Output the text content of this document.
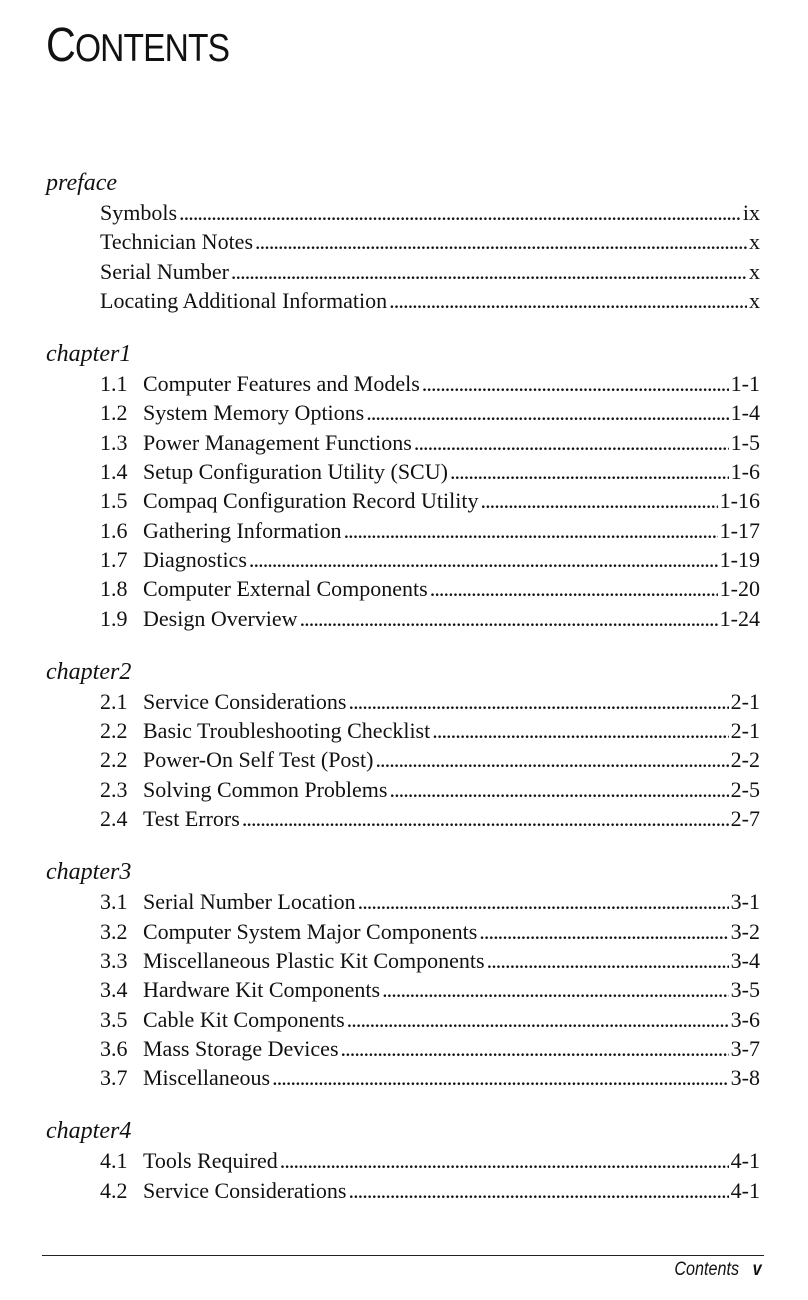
CONTENTS
preface
Symbols . . .	ix
Technician Notes . . .	x
Serial Number . . .	x
Locating Additional Information . . .	x
chapter1
1.1 Computer Features and Models . . .	1-1
1.2 System Memory Options . . .	1-4
1.3 Power Management Functions . . .	1-5
1.4 Setup Configuration Utility (SCU) . . .	1-6
1.5 Compaq Configuration Record Utility . . .	1-16
1.6 Gathering Information . . .	1-17
1.7 Diagnostics . . .	1-19
1.8 Computer External Components . . .	1-20
1.9 Design Overview . . .	1-24
chapter2
2.1 Service Considerations . . .	2-1
2.2 Basic Troubleshooting Checklist . . .	2-1
2.2 Power-On Self Test (Post) . . .	2-2
2.3 Solving Common Problems . . .	2-5
2.4 Test Errors . . .	2-7
chapter3
3.1 Serial Number Location . . .	3-1
3.2 Computer System Major Components . . .	3-2
3.3 Miscellaneous Plastic Kit Components . . .	3-4
3.4 Hardware Kit Components . . .	3-5
3.5 Cable Kit Components . . .	3-6
3.6 Mass Storage Devices . . .	3-7
3.7 Miscellaneous . . .	3-8
chapter4
4.1 Tools Required . . .	4-1
4.2 Service Considerations . . .	4-1
Contents v
